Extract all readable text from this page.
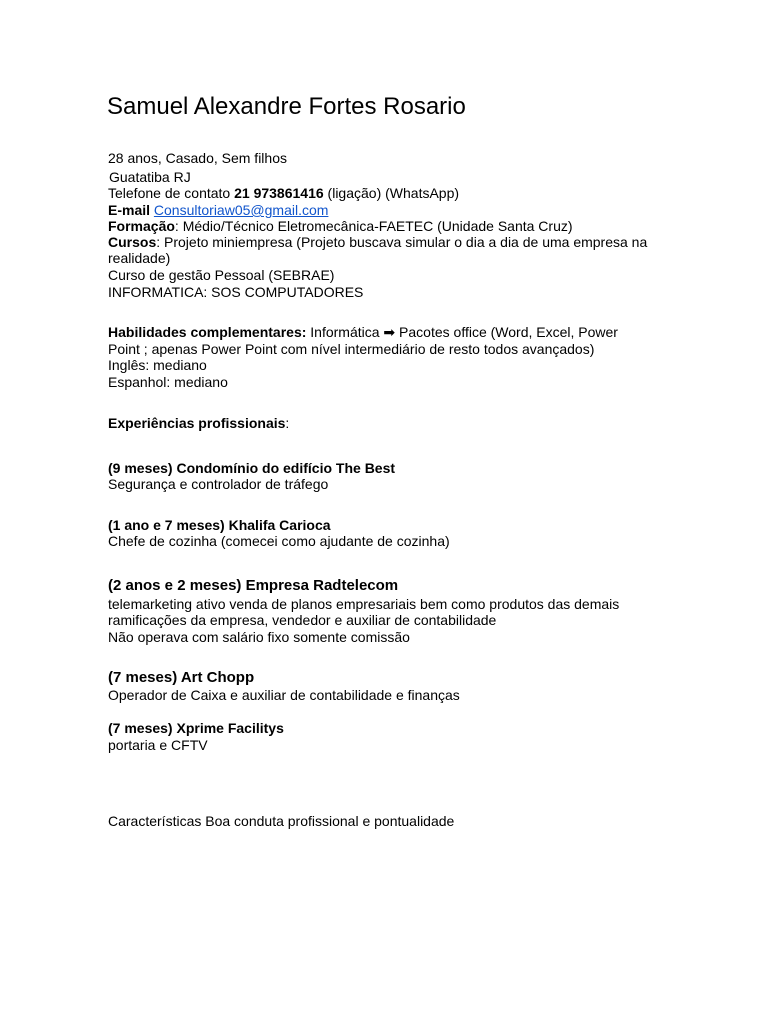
Samuel Alexandre Fortes Rosario
28 anos, Casado, Sem filhos
Guatatiba RJ
Telefone de contato 21 973861416 (ligação) (WhatsApp)
E-mail Consultoriaw05@gmail.com
Formação: Médio/Técnico Eletromecânica-FAETEC (Unidade Santa Cruz)
Cursos: Projeto miniempresa (Projeto buscava simular o dia a dia de uma empresa na
realidade)
Curso de gestão Pessoal (SEBRAE)
INFORMATICA: SOS COMPUTADORES
Habilidades complementares: Informática ➡ Pacotes office (Word, Excel, Power
Point ; apenas Power Point com nível intermediário de resto todos avançados)
Inglês: mediano
Espanhol: mediano
Experiências profissionais:
(9 meses) Condomínio do edifício The Best
Segurança e controlador de tráfego
(1 ano e 7 meses) Khalifa Carioca
Chefe de cozinha (comecei como ajudante de cozinha)
(2 anos e 2 meses) Empresa Radtelecom
telemarketing ativo venda de planos empresariais bem como produtos das demais
ramificações da empresa, vendedor e auxiliar de contabilidade
Não operava com salário fixo somente comissão
(7 meses) Art Chopp
Operador de Caixa e auxiliar de contabilidade e finanças
(7 meses) Xprime Facilitys
portaria e CFTV
Características Boa conduta profissional e pontualidade
